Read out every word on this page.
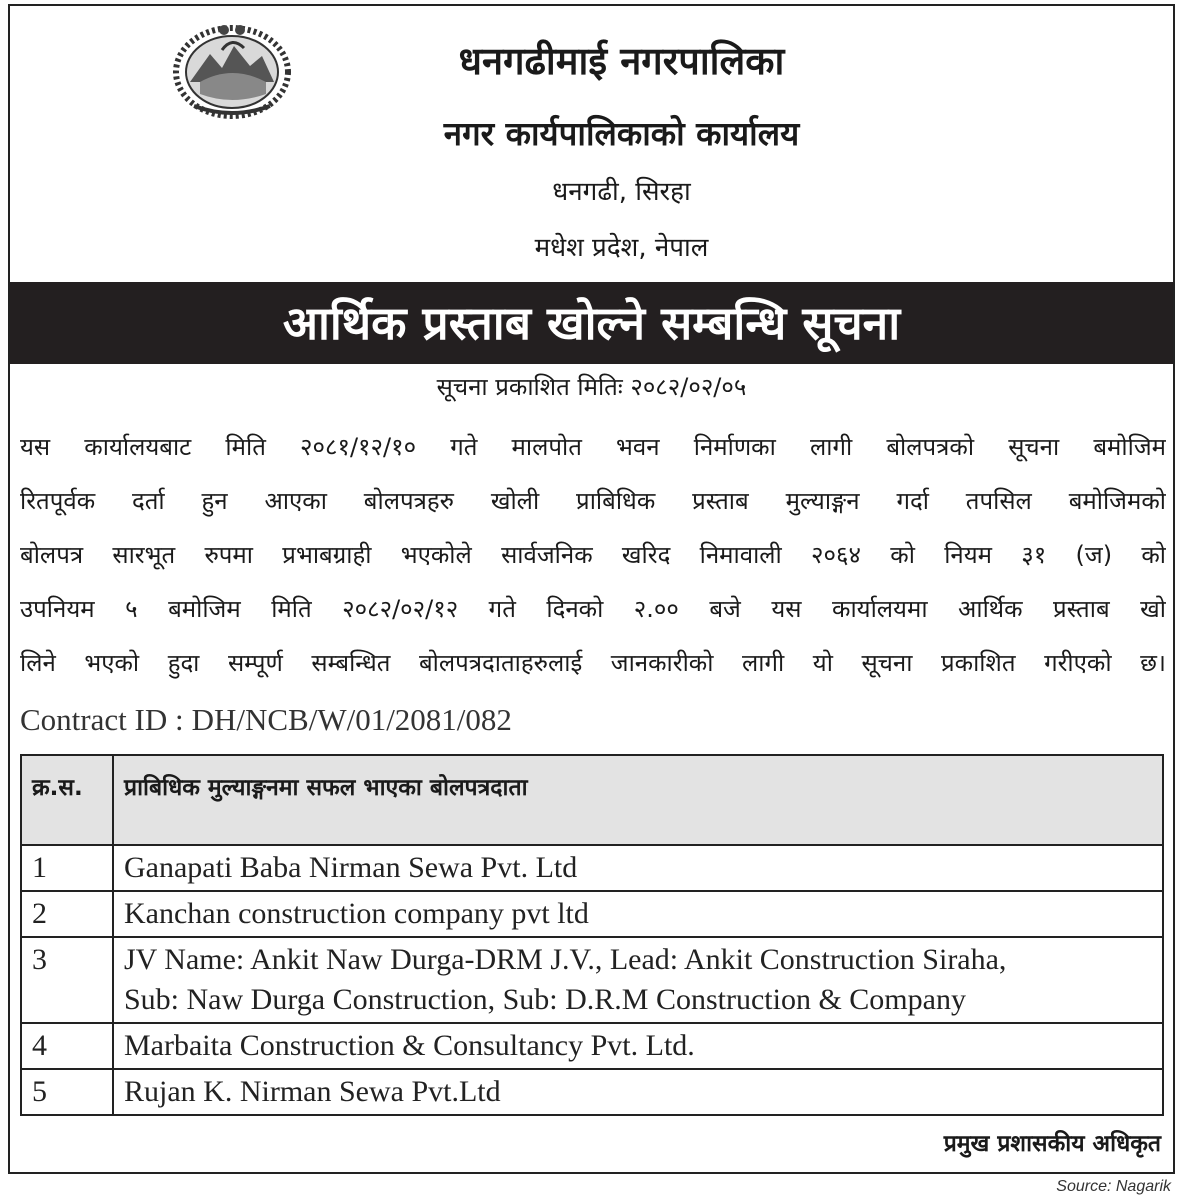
धनगढीमाई नगरपालिका
नगर कार्यपालिकाको कार्यालय
धनगढी, सिरहा
मधेश प्रदेश, नेपाल
आर्थिक प्रस्ताब खोल्ने सम्बन्धि सूचना
सूचना प्रकाशित मितिः २०८२/०२/०५
यस कार्यालयबाट मिति २०८१/१२/१० गते मालपोत भवन निर्माणका लागी बोलपत्रको सूचना बमोजिम
रितपूर्वक दर्ता हुन आएका बोलपत्रहरु खोली प्राबिधिक प्रस्ताब मुल्याङ्गन गर्दा तपसिल बमोजिमको
बोलपत्र सारभूत रुपमा प्रभाबग्राही भएकोले सार्वजनिक खरिद निमावाली २०६४ को नियम ३१ (ज) को
उपनियम ५ बमोजिम मिति २०८२/०२/१२ गते दिनको २.०० बजे यस कार्यालयमा आर्थिक प्रस्ताब खो
लिने भएको हुदा सम्पूर्ण सम्बन्धित बोलपत्रदाताहरुलाई जानकारीको लागी यो सूचना प्रकाशित गरीएको छ।
Contract ID : DH/NCB/W/01/2081/082
क्र.स.	प्राबिधिक मुल्याङ्गनमा सफल भाएका बोलपत्रदाता
1	Ganapati Baba Nirman Sewa Pvt. Ltd

2	Kanchan construction company pvt ltd

3	JV Name: Ankit Naw Durga-DRM J.V., Lead: Ankit Construction Siraha,
Sub: Naw Durga Construction, Sub: D.R.M Construction & Company

4	Marbaita Construction & Consultancy Pvt. Ltd.

5	Rujan K. Nirman Sewa Pvt.Ltd
प्रमुख प्रशासकीय अधिकृत
Source: Nagarik
